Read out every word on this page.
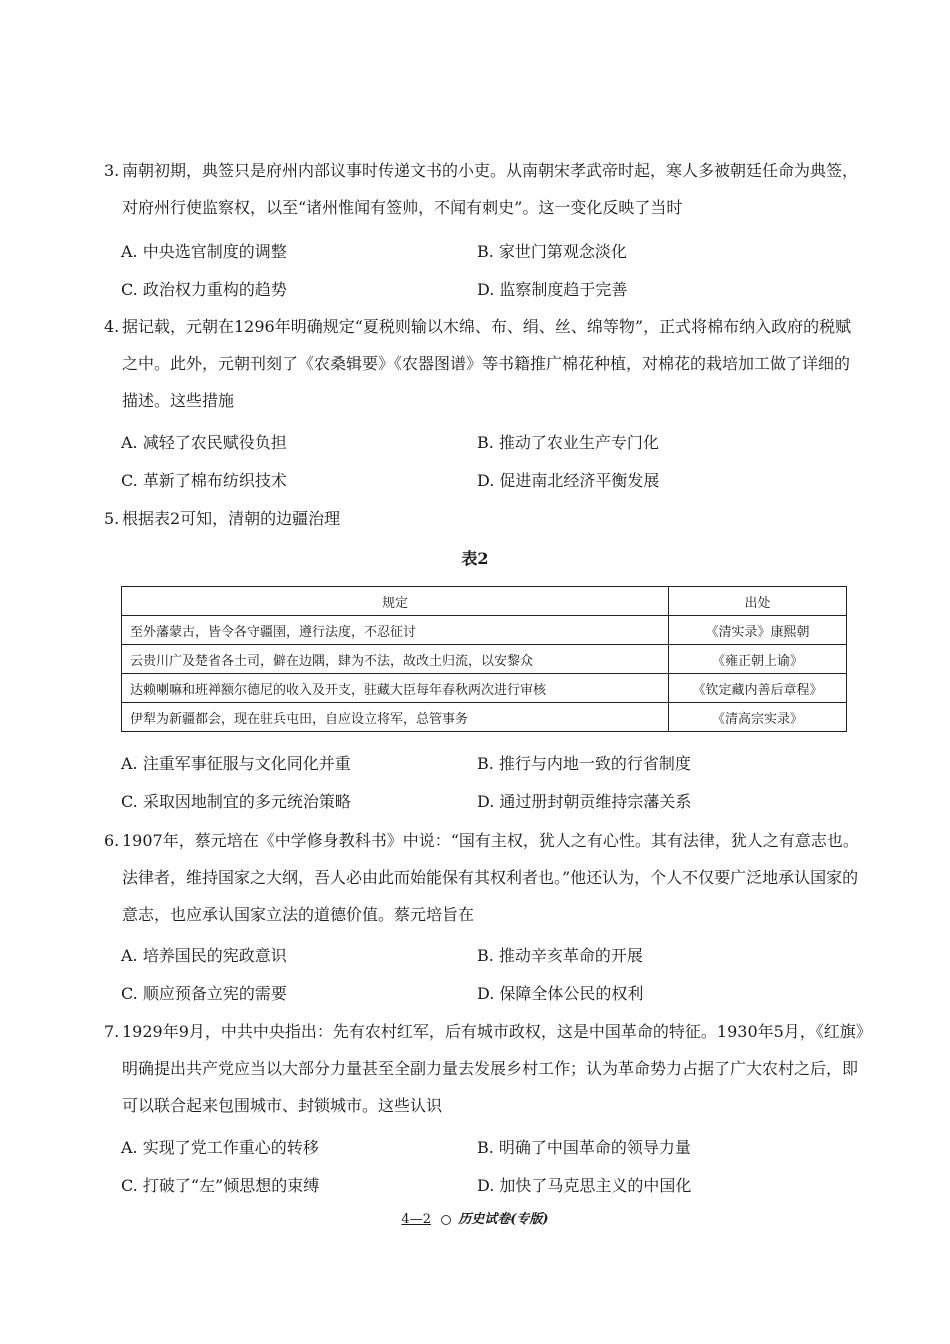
3. 南朝初期，典签只是府州内部议事时传递文书的小吏。从南朝宋孝武帝时起，寒人多被朝廷任命为典签，对府州行使监察权，以至“诸州惟闻有签帅，不闻有刺史”。这一变化反映了当时
A. 中央选官制度的调整	B. 家世门第观念淡化
C. 政治权力重构的趋势	D. 监察制度趋于完善
4. 据记载，元朝在1296年明确规定“夏税则输以木绵、布、绢、丝、绵等物”，正式将棉布纳入政府的税赋之中。此外，元朝刊刻了《农桑辑要》《农器图谱》等书籍推广棉花种植，对棉花的栽培加工做了详细的描述。这些措施
A. 减轻了农民赋役负担	B. 推动了农业生产专门化
C. 革新了棉布纺织技术	D. 促进南北经济平衡发展
5. 根据表2可知，清朝的边疆治理
表2
规定	出处
至外藩蒙古，皆令各守疆圉，遵行法度，不忍征讨	《清实录》康熙朝
云贵川广及楚省各土司，僻在边隅，肆为不法，故改土归流，以安黎众	《雍正朝上谕》
达赖喇嘛和班禅额尔德尼的收入及开支，驻藏大臣每年春秋两次进行审核	《钦定藏内善后章程》
伊犁为新疆都会，现在驻兵屯田，自应设立将军，总管事务	《清高宗实录》
A. 注重军事征服与文化同化并重	B. 推行与内地一致的行省制度
C. 采取因地制宜的多元统治策略	D. 通过册封朝贡维持宗藩关系
6. 1907年，蔡元培在《中学修身教科书》中说：“国有主权，犹人之有心性。其有法律，犹人之有意志也。法律者，维持国家之大纲，吾人必由此而始能保有其权利者也。”他还认为，个人不仅要广泛地承认国家的意志，也应承认国家立法的道德价值。蔡元培旨在
A. 培养国民的宪政意识	B. 推动辛亥革命的开展
C. 顺应预备立宪的需要	D. 保障全体公民的权利
7. 1929年9月，中共中央指出：先有农村红军，后有城市政权，这是中国革命的特征。1930年5月，《红旗》明确提出共产党应当以大部分力量甚至全副力量去发展乡村工作；认为革命势力占据了广大农村之后，即可以联合起来包围城市、封锁城市。这些认识
A. 实现了党工作重心的转移	B. 明确了中国革命的领导力量
C. 打破了“左”倾思想的束缚	D. 加快了马克思主义的中国化
4—2 历史试卷(专版)
